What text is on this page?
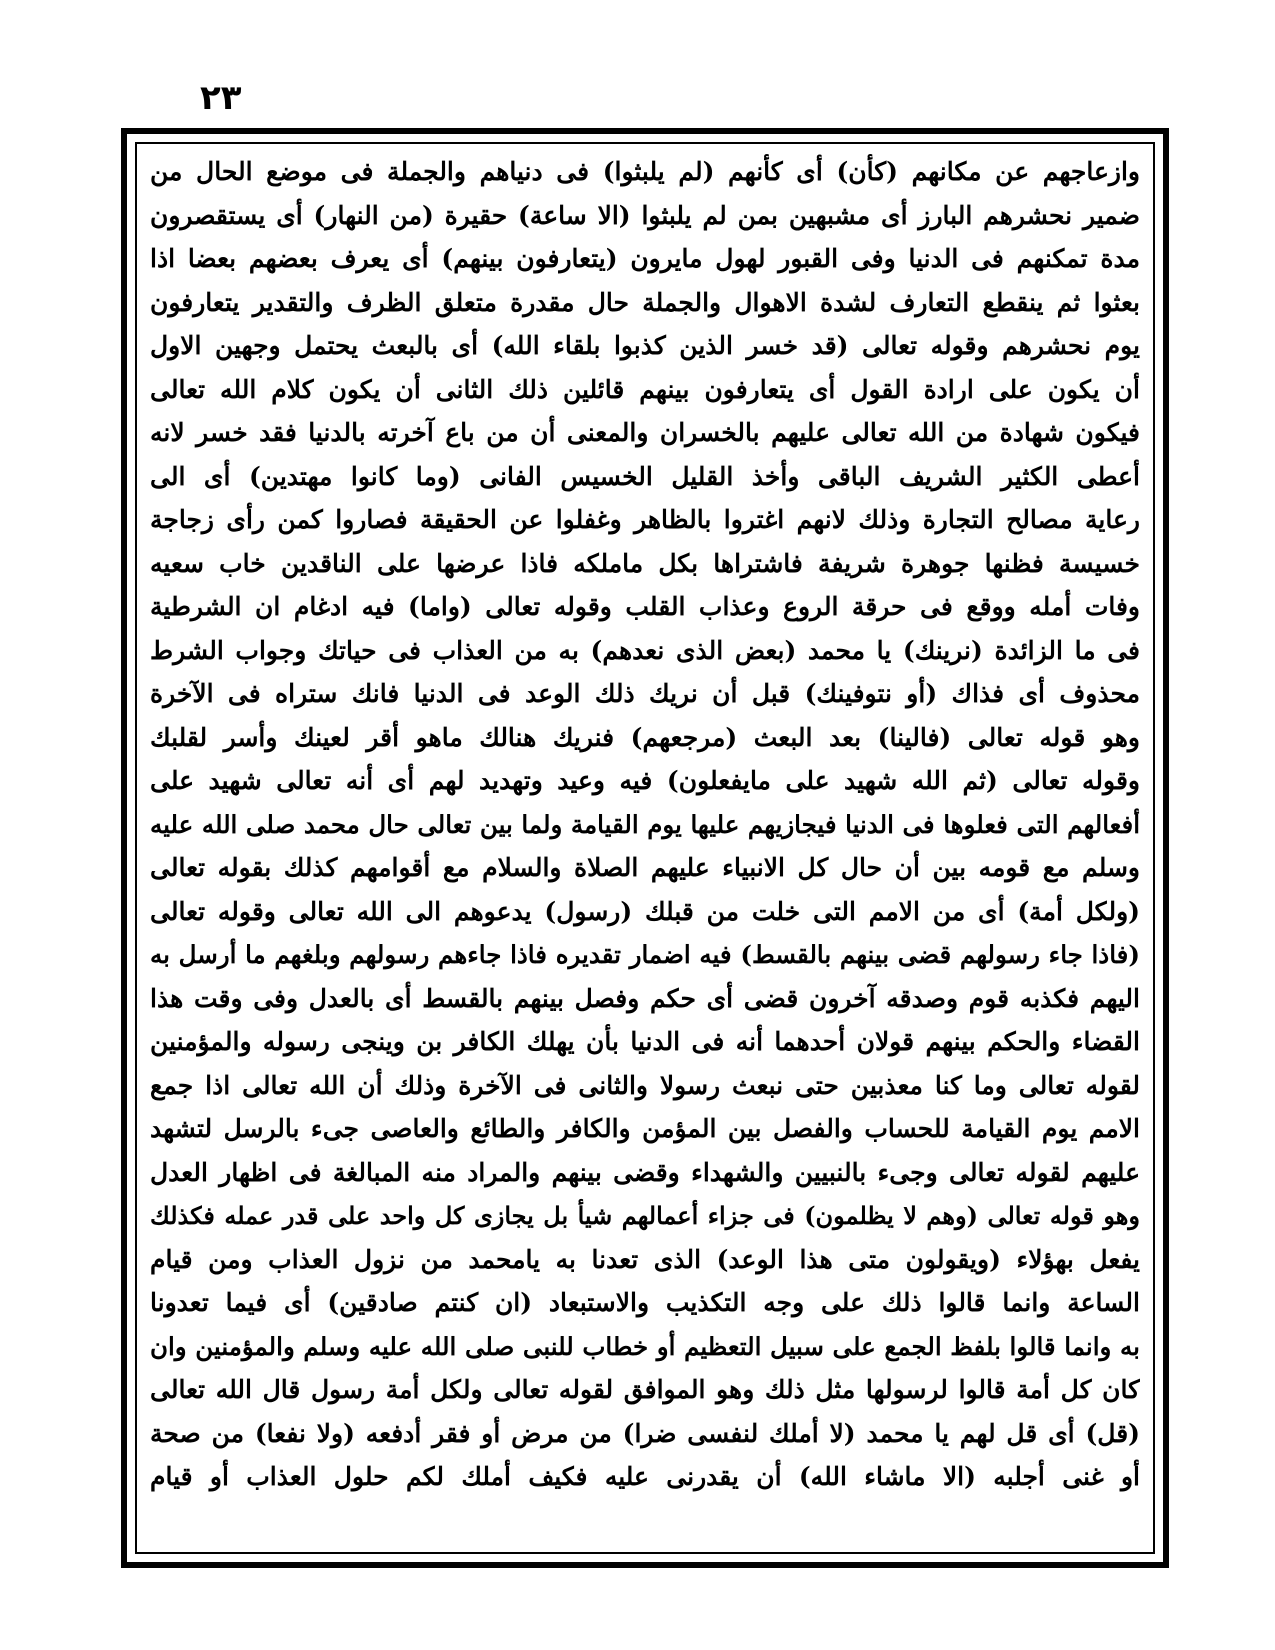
٢٣
وازعاجهم عن مكانهم (كأن) أى كأنهم (لم يلبثوا) فى دنياهم والجملة فى موضع الحال من
ضمير نحشرهم البارز أى مشبهين بمن لم يلبثوا (الا ساعة) حقيرة (من النهار) أى يستقصرون
مدة تمكنهم فى الدنيا وفى القبور لهول مايرون (يتعارفون بينهم) أى يعرف بعضهم بعضا اذا
بعثوا ثم ينقطع التعارف لشدة الاهوال والجملة حال مقدرة متعلق الظرف والتقدير يتعارفون
يوم نحشرهم وقوله تعالى (قد خسر الذين كذبوا بلقاء الله) أى بالبعث يحتمل وجهين الاول
أن يكون على ارادة القول أى يتعارفون بينهم قائلين ذلك الثانى أن يكون كلام الله تعالى
فيكون شهادة من الله تعالى عليهم بالخسران والمعنى أن من باع آخرته بالدنيا فقد خسر لانه
أعطى الكثير الشريف الباقى وأخذ القليل الخسيس الفانى (وما كانوا مهتدين) أى الى
رعاية مصالح التجارة وذلك لانهم اغتروا بالظاهر وغفلوا عن الحقيقة فصاروا كمن رأى زجاجة
خسيسة فظنها جوهرة شريفة فاشتراها بكل ماملكه فاذا عرضها على الناقدين خاب سعيه
وفات أمله ووقع فى حرقة الروع وعذاب القلب وقوله تعالى (واما) فيه ادغام ان الشرطية
فى ما الزائدة (نرينك) يا محمد (بعض الذى نعدهم) به من العذاب فى حياتك وجواب الشرط
محذوف أى فذاك (أو نتوفينك) قبل أن نريك ذلك الوعد فى الدنيا فانك ستراه فى الآخرة
وهو قوله تعالى (فالينا) بعد البعث (مرجعهم) فنريك هنالك ماهو أقر لعينك وأسر لقلبك
وقوله تعالى (ثم الله شهيد على مايفعلون) فيه وعيد وتهديد لهم أى أنه تعالى شهيد على
أفعالهم التى فعلوها فى الدنيا فيجازيهم عليها يوم القيامة ولما بين تعالى حال محمد صلى الله عليه
وسلم مع قومه بين أن حال كل الانبياء عليهم الصلاة والسلام مع أقوامهم كذلك بقوله تعالى
(ولكل أمة) أى من الامم التى خلت من قبلك (رسول) يدعوهم الى الله تعالى وقوله تعالى
(فاذا جاء رسولهم قضى بينهم بالقسط) فيه اضمار تقديره فاذا جاءهم رسولهم وبلغهم ما أرسل به
اليهم فكذبه قوم وصدقه آخرون قضى أى حكم وفصل بينهم بالقسط أى بالعدل وفى وقت هذا
القضاء والحكم بينهم قولان أحدهما أنه فى الدنيا بأن يهلك الكافر بن وينجى رسوله والمؤمنين
لقوله تعالى وما كنا معذبين حتى نبعث رسولا والثانى فى الآخرة وذلك أن الله تعالى اذا جمع
الامم يوم القيامة للحساب والفصل بين المؤمن والكافر والطائع والعاصى جىء بالرسل لتشهد
عليهم لقوله تعالى وجىء بالنبيين والشهداء وقضى بينهم والمراد منه المبالغة فى اظهار العدل
وهو قوله تعالى (وهم لا يظلمون) فى جزاء أعمالهم شيأ بل يجازى كل واحد على قدر عمله فكذلك
يفعل بهؤلاء (ويقولون متى هذا الوعد) الذى تعدنا به يامحمد من نزول العذاب ومن قيام
الساعة وانما قالوا ذلك على وجه التكذيب والاستبعاد (ان كنتم صادقين) أى فيما تعدونا
به وانما قالوا بلفظ الجمع على سبيل التعظيم أو خطاب للنبى صلى الله عليه وسلم والمؤمنين وان
كان كل أمة قالوا لرسولها مثل ذلك وهو الموافق لقوله تعالى ولكل أمة رسول قال الله تعالى
(قل) أى قل لهم يا محمد (لا أملك لنفسى ضرا) من مرض أو فقر أدفعه (ولا نفعا) من صحة
أو غنى أجلبه (الا ماشاء الله) أن يقدرنى عليه فكيف أملك لكم حلول العذاب أو قيام
